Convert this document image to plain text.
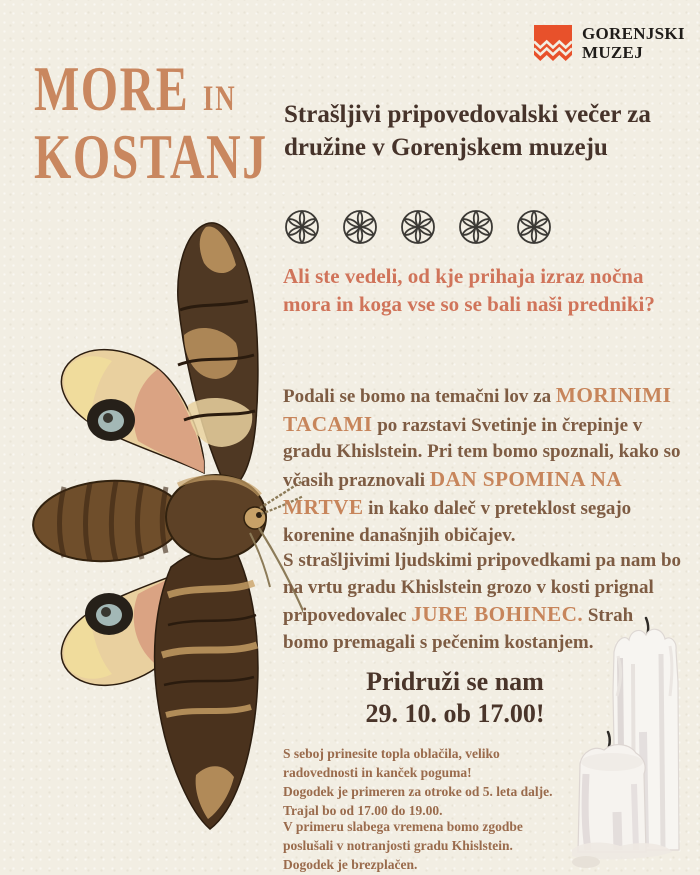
GORENJSKI
MUZEJ
MORE IN
KOSTANJ
Strašljivi pripovedovalski večer za družine v Gorenjskem muzeju
Ali ste vedeli, od kje prihaja izraz nočna mora in koga vse so se bali naši predniki?

Podali se bomo na temačni lov za MORINIMI TACAMI po razstavi Svetinje in črepinje v gradu Khislstein. Pri tem bomo spoznali, kako so včasih praznovali DAN SPOMINA NA MRTVE in kako daleč v preteklost segajo korenine današnjih običajev.

S strašljivimi ljudskimi pripovedkami pa nam bo na vrtu gradu Khislstein grozo v kosti prignal pripovedovalec JURE BOHINEC. Strah bomo premagali s pečenim kostanjem.

Pridruži se nam
29. 10. ob 17.00!
S seboj prinesite topla oblačila, veliko
radovednosti in kanček poguma!
Dogodek je primeren za otroke od 5. leta dalje.
Trajal bo od 17.00 do 19.00.
V primeru slabega vremena bomo zgodbe
poslušali v notranjosti gradu Khislstein.
Dogodek je brezplačen.
